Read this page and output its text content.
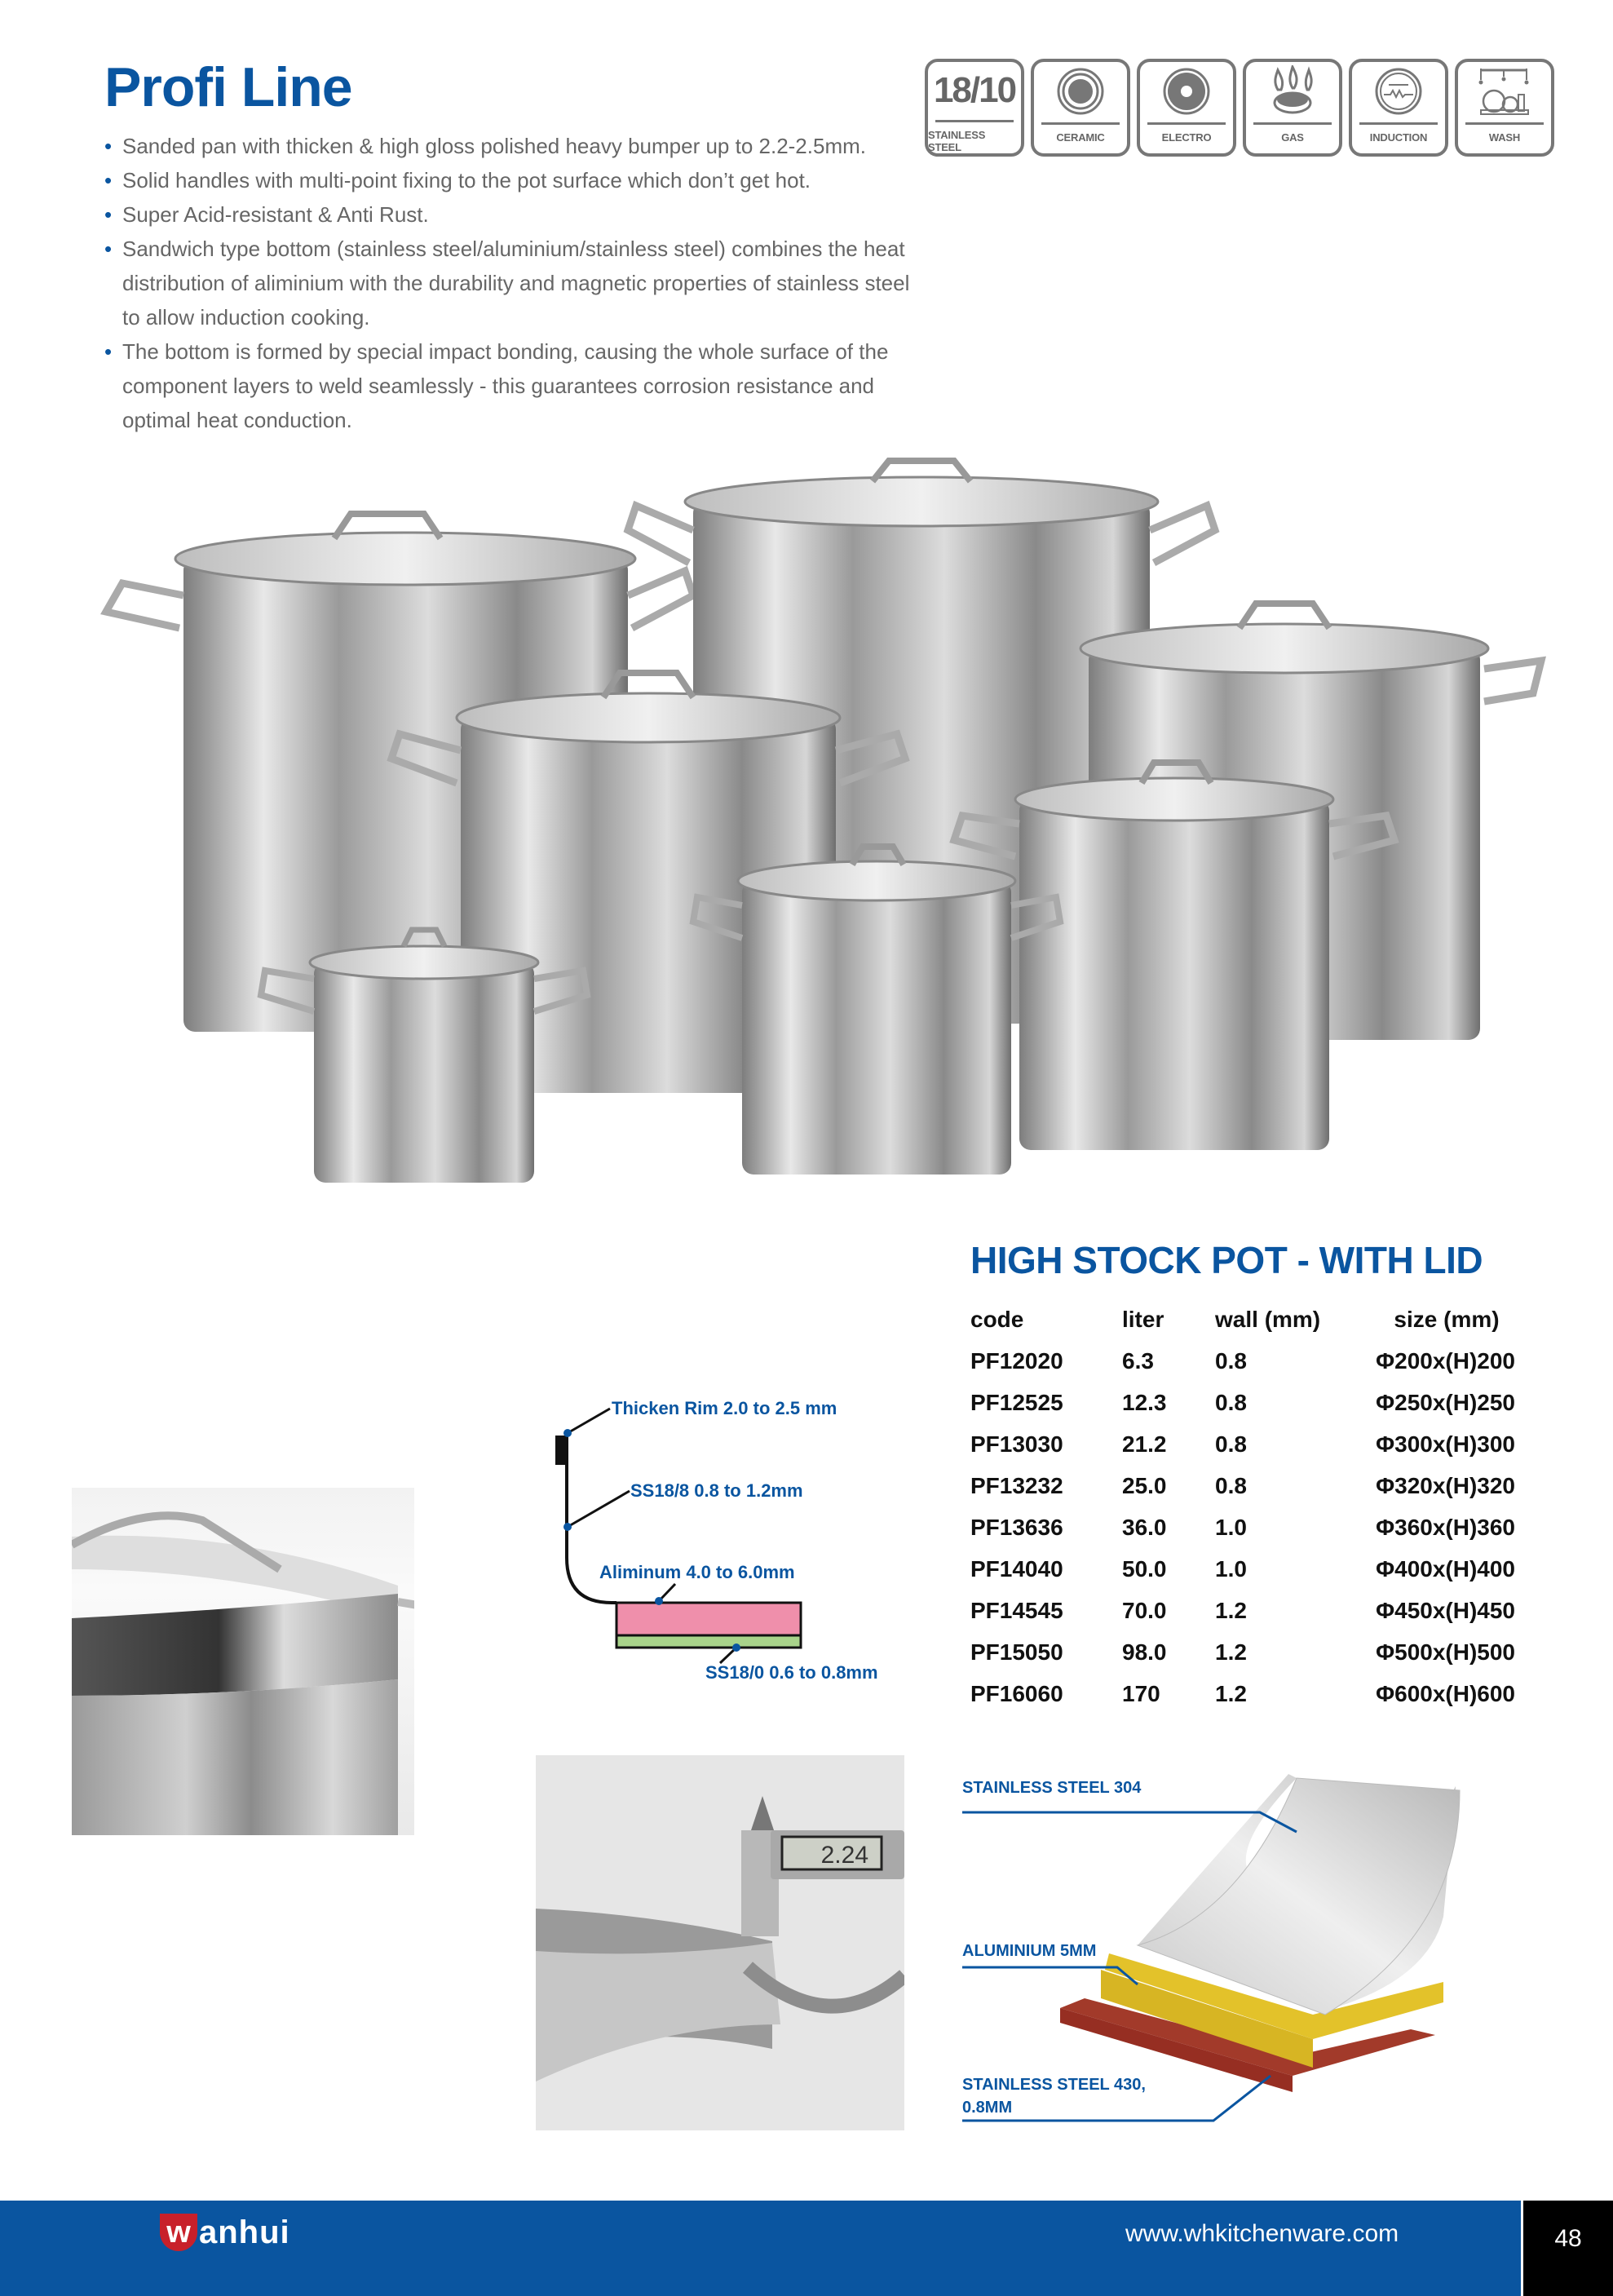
Profi Line
• Sanded pan with thicken & high gloss polished heavy bumper up to 2.2-2.5mm.
• Solid handles with multi-point fixing to the pot surface which don’t get hot.
• Super Acid-resistant & Anti Rust.
• Sandwich type bottom (stainless steel/aluminium/stainless steel) combines the heat distribution of aliminium with the durability and magnetic properties of stainless steel to allow induction cooking.
• The bottom is formed by special impact bonding, causing the whole surface of the component layers to weld seamlessly - this guarantees corrosion resistance and optimal heat conduction.
18/10
STAINLESS STEEL
CERAMIC	ELECTRO	GAS	INDUCTION	WASH
HIGH STOCK POT - WITH LID
code	liter	wall (mm)	size (mm)
PF12020	6.3	0.8	Φ200x(H)200
PF12525	12.3	0.8	Φ250x(H)250
PF13030	21.2	0.8	Φ300x(H)300
PF13232	25.0	0.8	Φ320x(H)320
PF13636	36.0	1.0	Φ360x(H)360
PF14040	50.0	1.0	Φ400x(H)400
PF14545	70.0	1.2	Φ450x(H)450
PF15050	98.0	1.2	Φ500x(H)500
PF16060	170	1.2	Φ600x(H)600
Thicken Rim 2.0 to 2.5 mm
SS18/8 0.8 to 1.2mm
Aliminum 4.0 to 6.0mm
SS18/0 0.6 to 0.8mm
2.24
STAINLESS STEEL 304
ALUMINIUM 5MM
STAINLESS STEEL 430,
0.8MM
w anhui	www.whkitchenware.com	48
